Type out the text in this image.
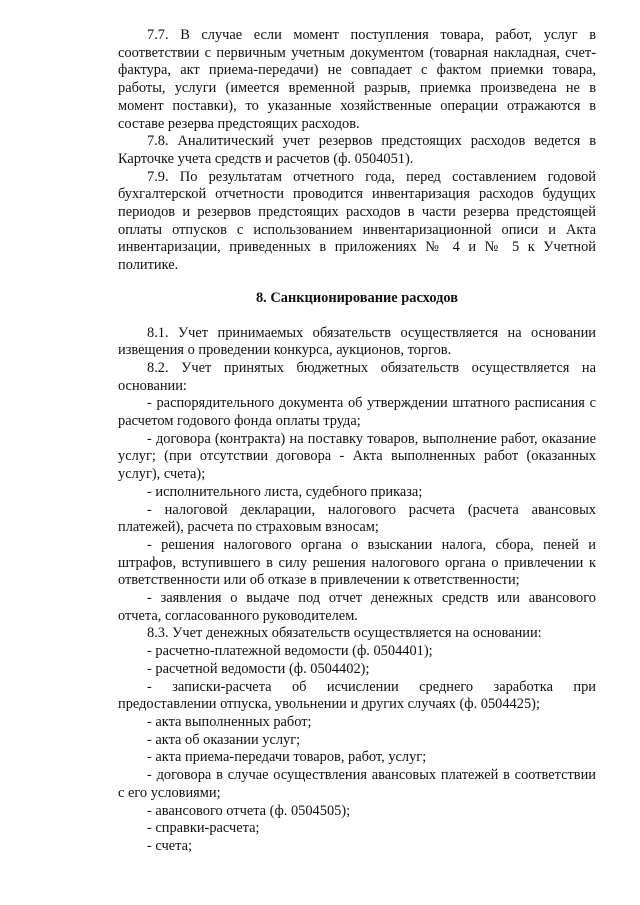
7.7. В случае если момент поступления товара, работ, услуг в соответствии с первичным учетным документом (товарная накладная, счет-фактура, акт приема-передачи) не совпадает с фактом приемки товара, работы, услуги (имеется временной разрыв, приемка произведена не в момент поставки), то указанные хозяйственные операции отражаются в составе резерва предстоящих расходов.

7.8. Аналитический учет резервов предстоящих расходов ведется в Карточке учета средств и расчетов (ф. 0504051).

7.9. По результатам отчетного года, перед составлением годовой бухгалтерской отчетности проводится инвентаризация расходов будущих периодов и резервов предстоящих расходов в части резерва предстоящей оплаты отпусков с использованием инвентаризационной описи и Акта инвентаризации, приведенных в приложениях № 4 и № 5 к Учетной политике.

8. Санкционирование расходов

8.1. Учет принимаемых обязательств осуществляется на основании извещения о проведении конкурса, аукционов, торгов.

8.2. Учет принятых бюджетных обязательств осуществляется на основании:

- распорядительного документа об утверждении штатного расписания с расчетом годового фонда оплаты труда;

- договора (контракта) на поставку товаров, выполнение работ, оказание услуг; (при отсутствии договора - Акта выполненных работ (оказанных услуг), счета);

- исполнительного листа, судебного приказа;

- налоговой декларации, налогового расчета (расчета авансовых платежей), расчета по страховым взносам;

- решения налогового органа о взыскании налога, сбора, пеней и штрафов, вступившего в силу решения налогового органа о привлечении к ответственности или об отказе в привлечении к ответственности;

- заявления о выдаче под отчет денежных средств или авансового отчета, согласованного руководителем.

8.3. Учет денежных обязательств осуществляется на основании:

- расчетно-платежной ведомости (ф. 0504401);

- расчетной ведомости (ф. 0504402);

- записки-расчета об исчислении среднего заработка при предоставлении отпуска, увольнении и других случаях (ф. 0504425);

- акта выполненных работ;

- акта об оказании услуг;

- акта приема-передачи товаров, работ, услуг;

- договора в случае осуществления авансовых платежей в соответствии с его условиями;

- авансового отчета (ф. 0504505);

- справки-расчета;

- счета;
